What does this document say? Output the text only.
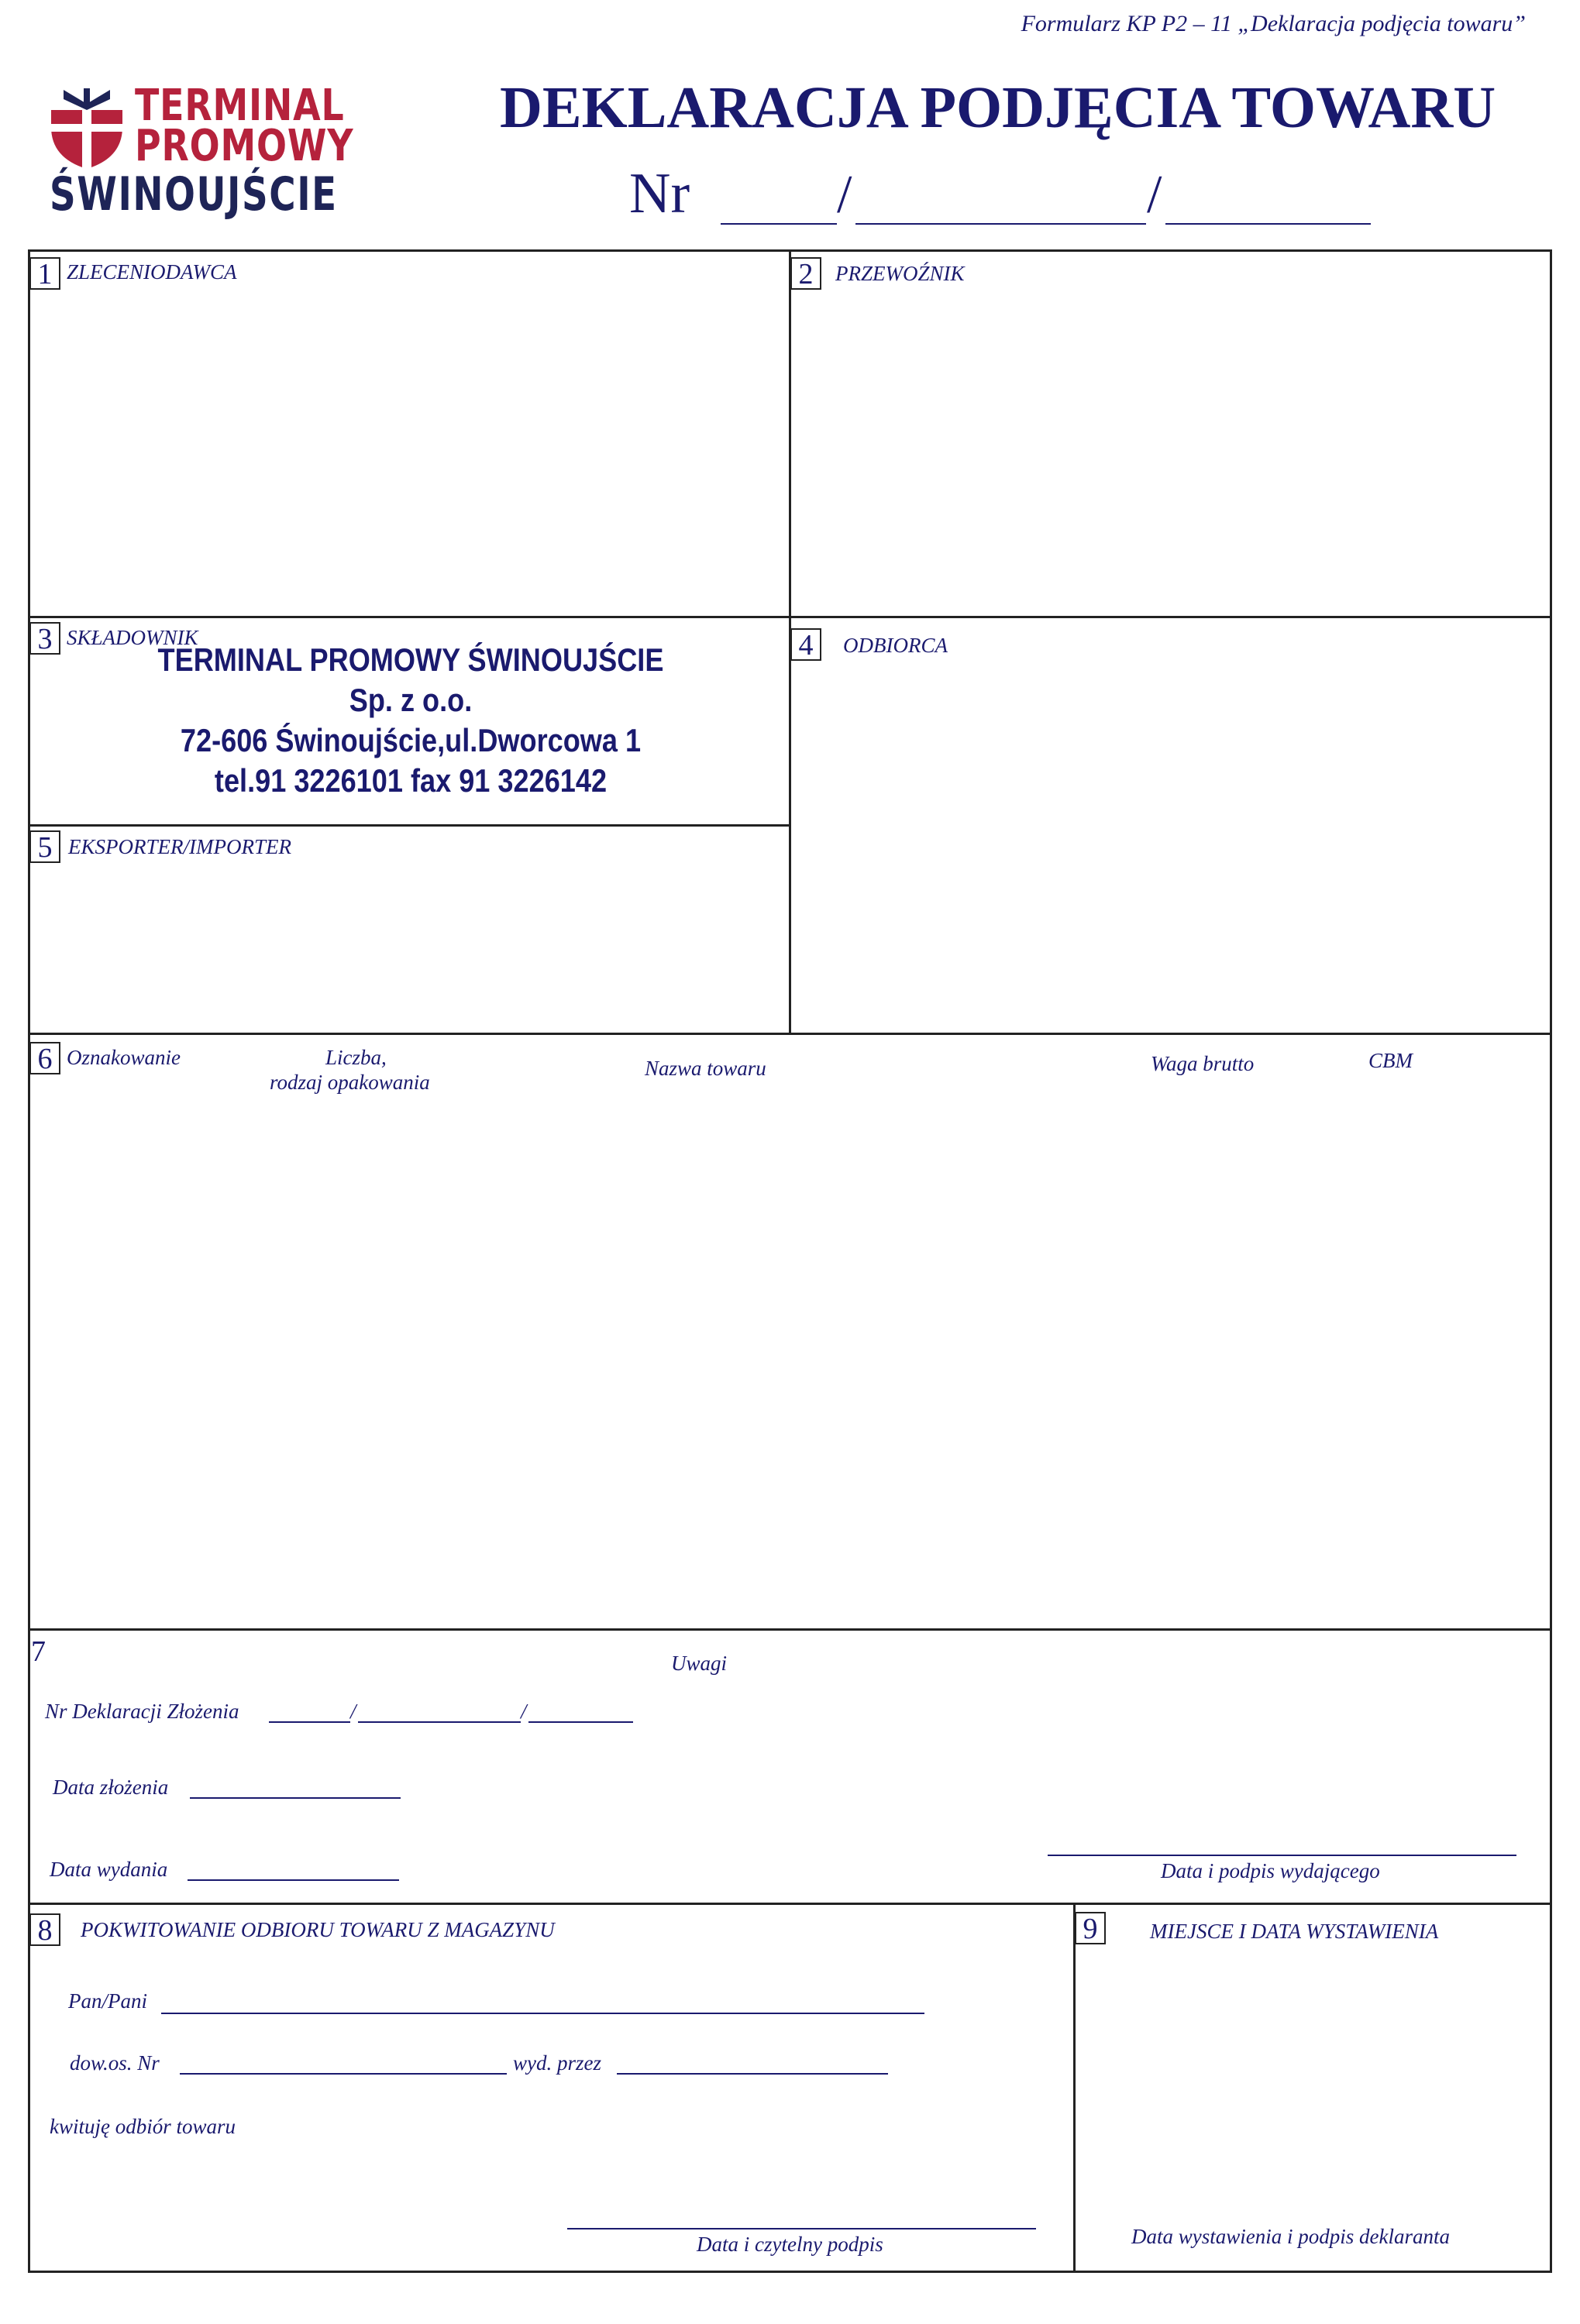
Formularz KP P2 – 11 „Deklaracja podjęcia towaru”
TERMINAL
PROMOWY
ŚWINOUJŚCIE
DEKLARACJA PODJĘCIA TOWARU
Nr	/	/
1 ZLECENIODAWCA	2	PRZEWOŹNIK
3 SKŁADOWNIK
TERMINAL PROMOWY ŚWINOUJŚCIE
Sp. z o.o.
72-606 Świnoujście,ul.Dworcowa 1
tel.91 3226101 fax 91 3226142
4	ODBIORCA
5 EKSPORTER/IMPORTER
6 Oznakowanie	Liczba,
rodzaj opakowania
Nazwa towaru	Waga brutto	CBM
7	Uwagi
Nr Deklaracji Złożenia	/	/
Data złożenia
Data wydania	Data i podpis wydającego
8	POKWITOWANIE ODBIORU TOWARU Z MAGAZYNU
Pan/Pani
dow.os. Nr	wyd. przez
kwituję odbiór towaru
Data i czytelny podpis
9	MIEJSCE I DATA WYSTAWIENIA
Data wystawienia i podpis deklaranta
